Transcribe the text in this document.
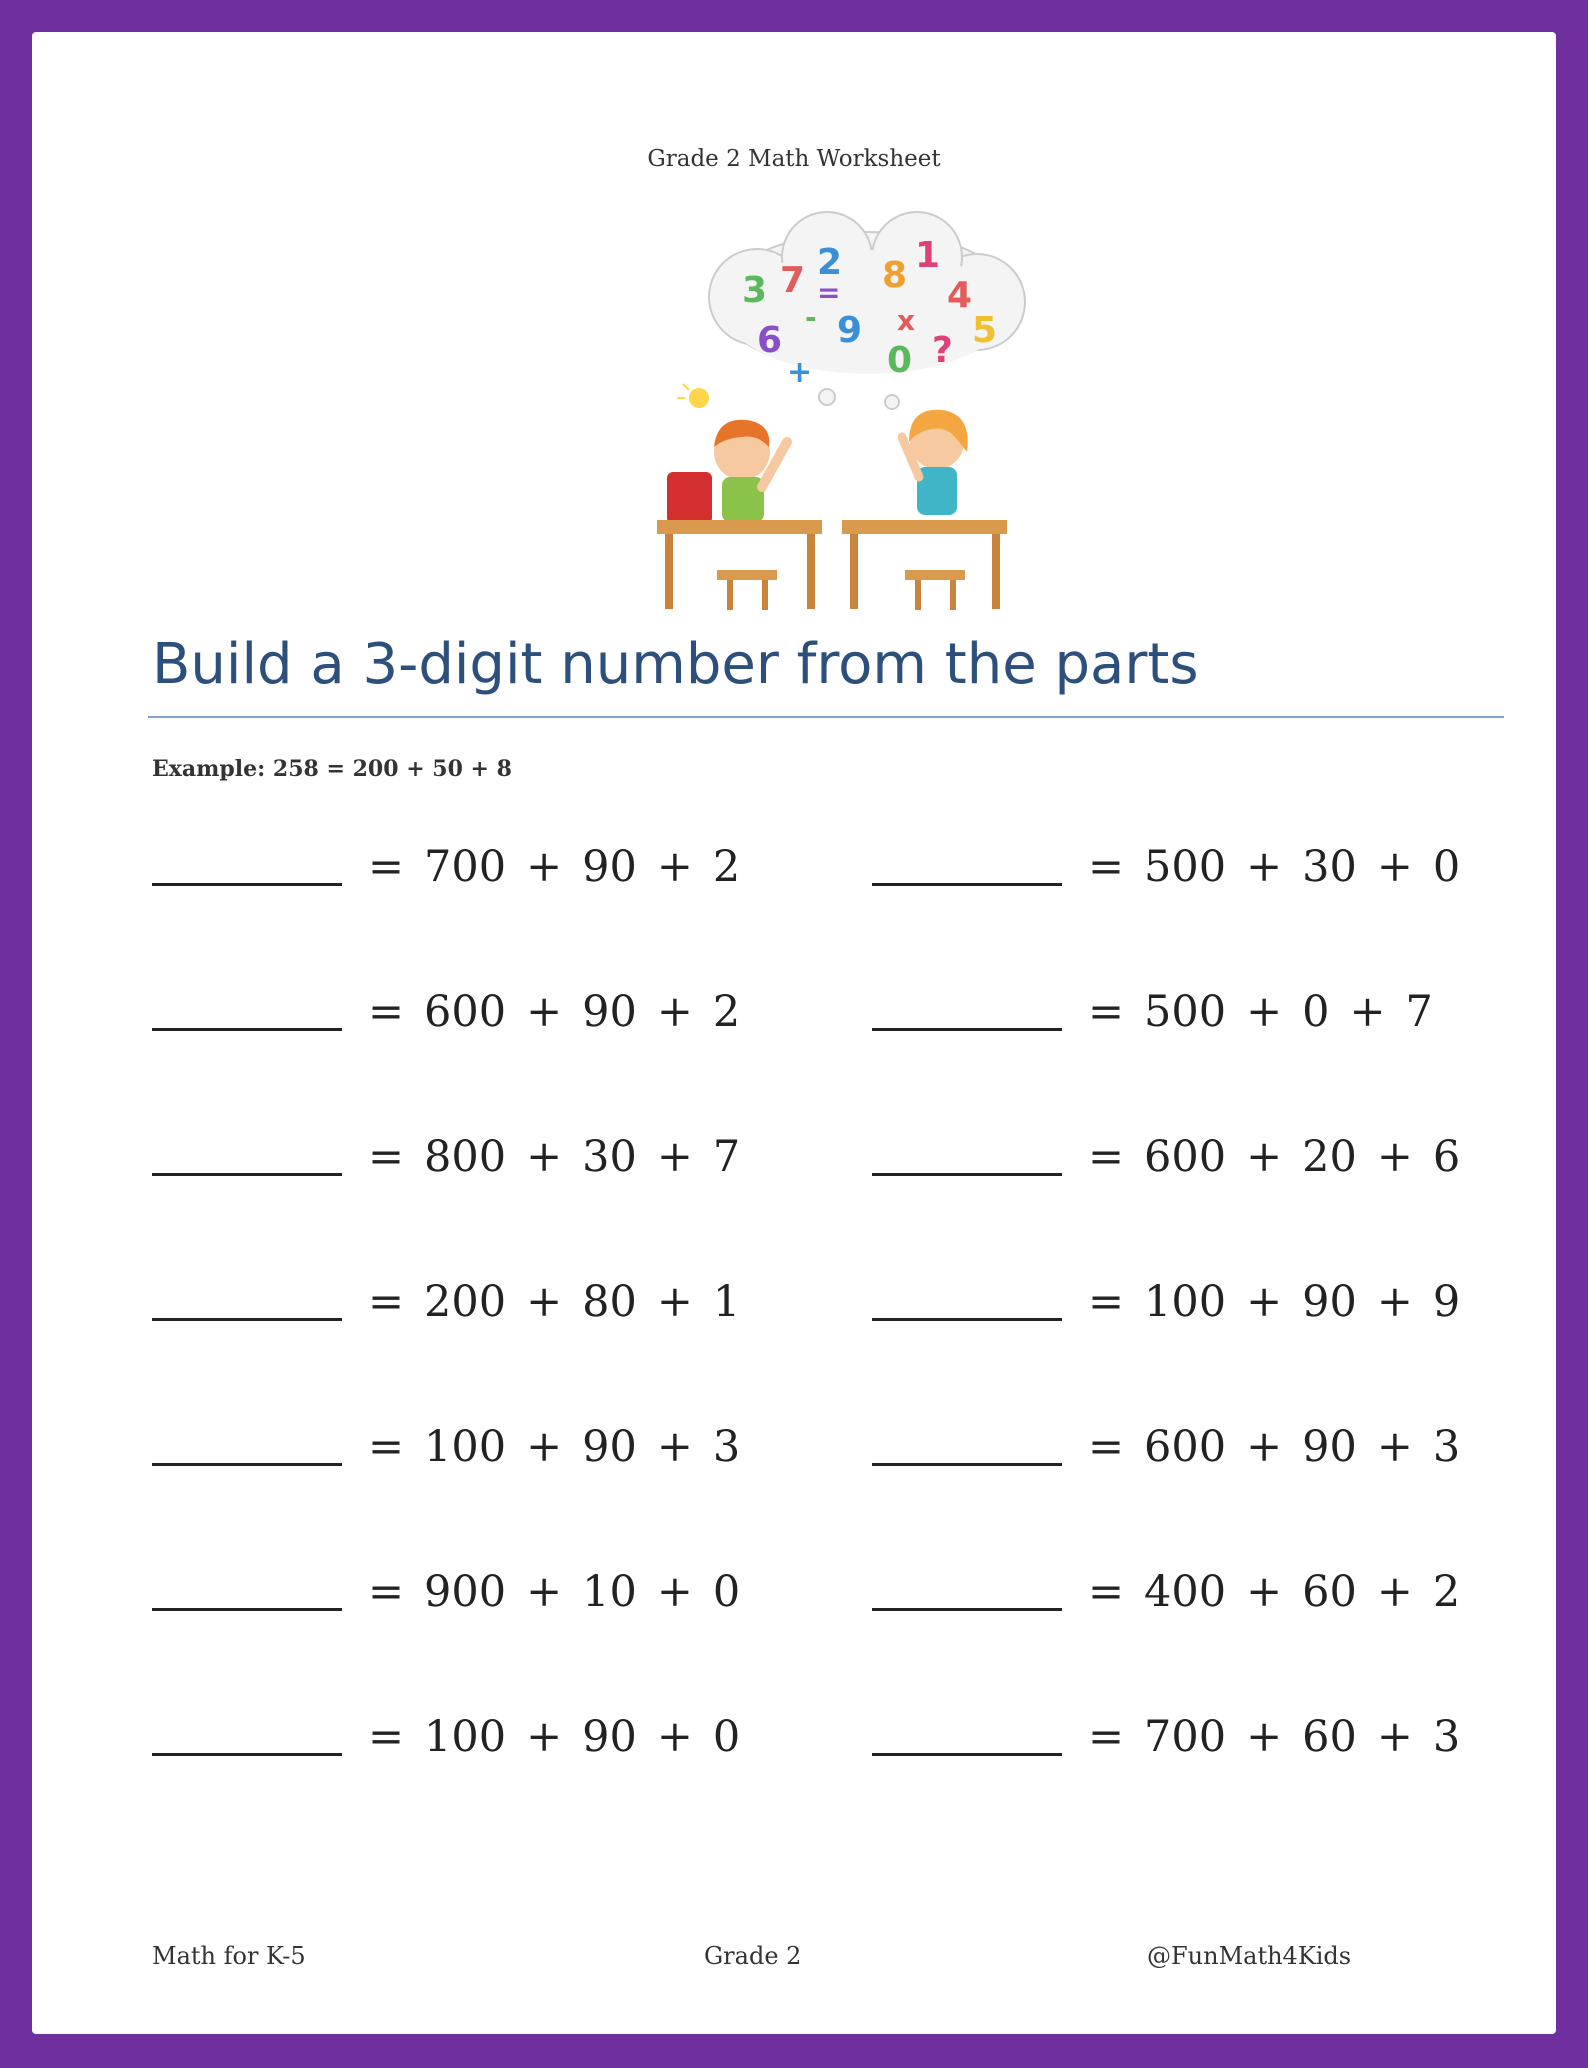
Grade 2 Math Worksheet
3 7 2 8 1
4
6 9	5
0 ?
=
+
x
-
Build a 3-digit number from the parts
Example: 258 = 200 + 50 + 8
= 700 + 90 + 2
= 600 + 90 + 2
= 800 + 30 + 7
= 200 + 80 + 1
= 100 + 90 + 3
= 900 + 10 + 0
= 100 + 90 + 0
= 500 + 30 + 0
= 500 + 0 + 7
= 600 + 20 + 6
= 100 + 90 + 9
= 600 + 90 + 3
= 400 + 60 + 2
= 700 + 60 + 3
Math for K-5	Grade 2	@FunMath4Kids
